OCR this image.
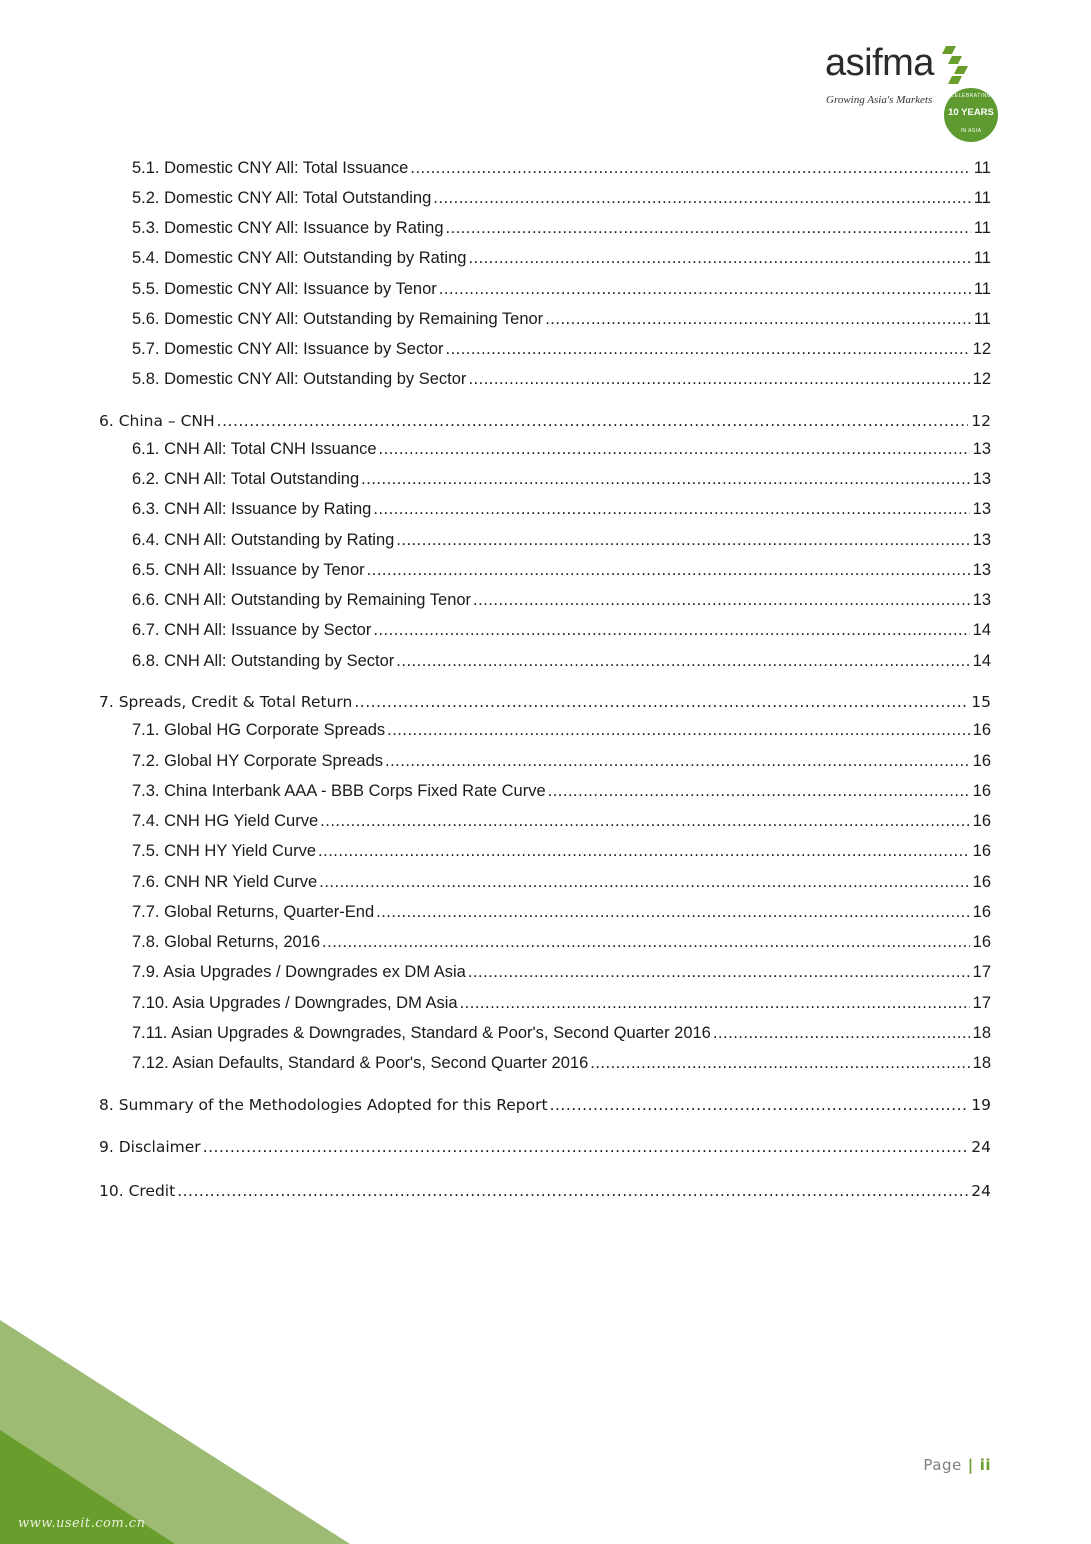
asifma
Growing Asia's Markets	CELEBRATING
10 YEARS
IN ASIA
5.1. Domestic CNY All: Total Issuance .....	11
5.2. Domestic CNY All: Total Outstanding .....	11
5.3. Domestic CNY All: Issuance by Rating .....	11
5.4. Domestic CNY All: Outstanding by Rating .....	11
5.5. Domestic CNY All: Issuance by Tenor .....	11
5.6. Domestic CNY All: Outstanding by Remaining Tenor .....	11
5.7. Domestic CNY All: Issuance by Sector .....	12
5.8. Domestic CNY All: Outstanding by Sector .....	12
6. China – CNH .....	12
6.1. CNH All: Total CNH Issuance .....	13
6.2. CNH All: Total Outstanding .....	13
6.3. CNH All: Issuance by Rating .....	13
6.4. CNH All: Outstanding by Rating .....	13
6.5. CNH All: Issuance by Tenor .....	13
6.6. CNH All: Outstanding by Remaining Tenor .....	13
6.7. CNH All: Issuance by Sector .....	14
6.8. CNH All: Outstanding by Sector .....	14
7. Spreads, Credit & Total Return .....	15
7.1. Global HG Corporate Spreads .....	16
7.2. Global HY Corporate Spreads .....	16
7.3. China Interbank AAA - BBB Corps Fixed Rate Curve .....	16
7.4. CNH HG Yield Curve .....	16
7.5. CNH HY Yield Curve .....	16
7.6. CNH NR Yield Curve .....	16
7.7. Global Returns, Quarter-End .....	16
7.8. Global Returns, 2016 .....	16
7.9. Asia Upgrades / Downgrades ex DM Asia .....	17
7.10. Asia Upgrades / Downgrades, DM Asia .....	17
7.11. Asian Upgrades & Downgrades, Standard & Poor's, Second Quarter 2016 .....	18
7.12. Asian Defaults, Standard & Poor's, Second Quarter 2016 .....	18
8. Summary of the Methodologies Adopted for this Report .....	19
9. Disclaimer .....	24
10. Credit .....	24
Page | ii
www.useit.com.cn
